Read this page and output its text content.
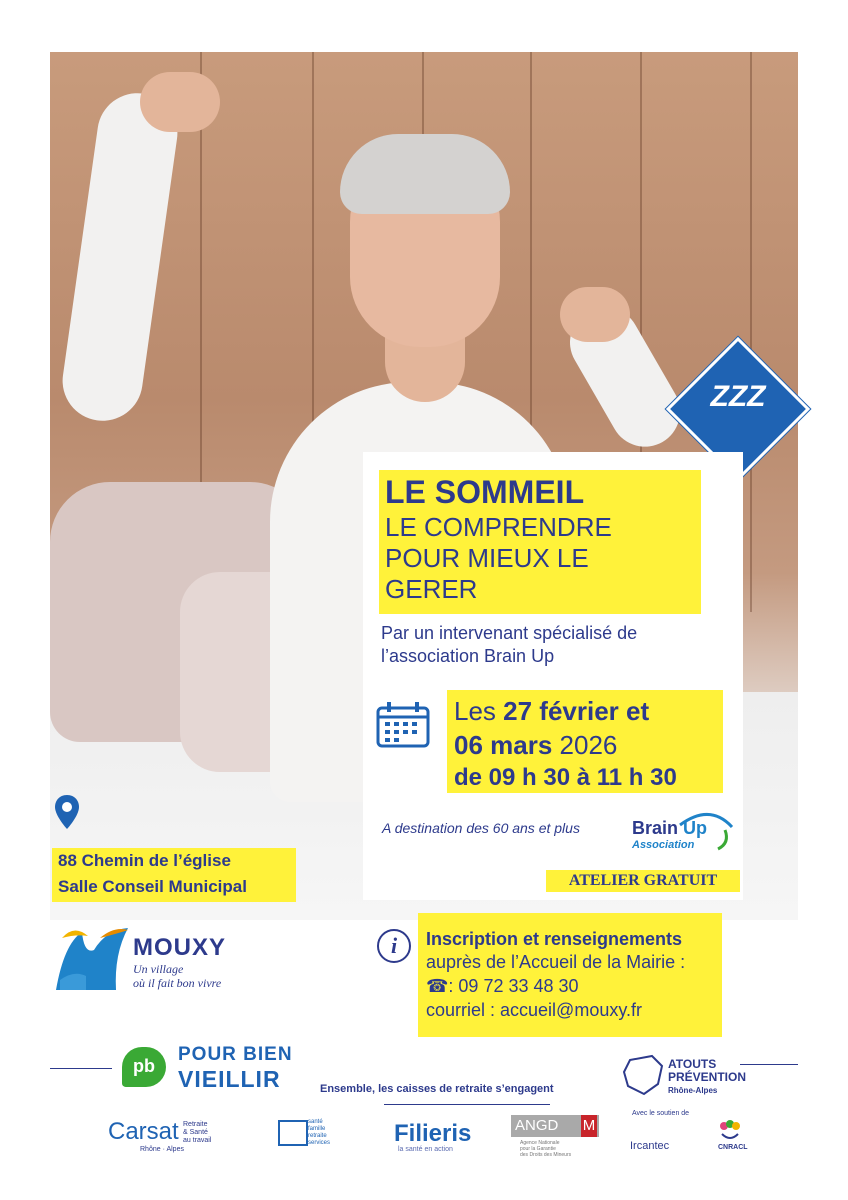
ZZZ
LE SOMMEIL
LE COMPRENDRE
POUR MIEUX LE
GERER
Par un intervenant spécialisé de
l’association Brain Up
Les 27 février et
06 mars 2026
de 09 h 30 à 11 h 30
A destination des 60 ans et plus	Brain Up
Association
ATELIER GRATUIT
88 Chemin de l’église
Salle Conseil Municipal
MOUXY
Un village
où il fait bon vivre
i	Inscription et renseignements
auprès de l’Accueil de la Mairie :
☎: 09 72 33 48 30
courriel : accueil@mouxy.fr
pb
POUR BIEN
VIEILLIR	Ensemble, les caisses de retraite s’engagent
ATOUTS
PRÉVENTION
Rhône-Alpes
Avec le soutien de
Carsat Retraite
& Santé
au travail
Rhône · Alpes
santé
famille
retraite
services	Filieris
la santé en action
ANGD	M
Agence Nationale
pour la Garantie
des Droits des Mineurs
Ircantec	CNRACL
